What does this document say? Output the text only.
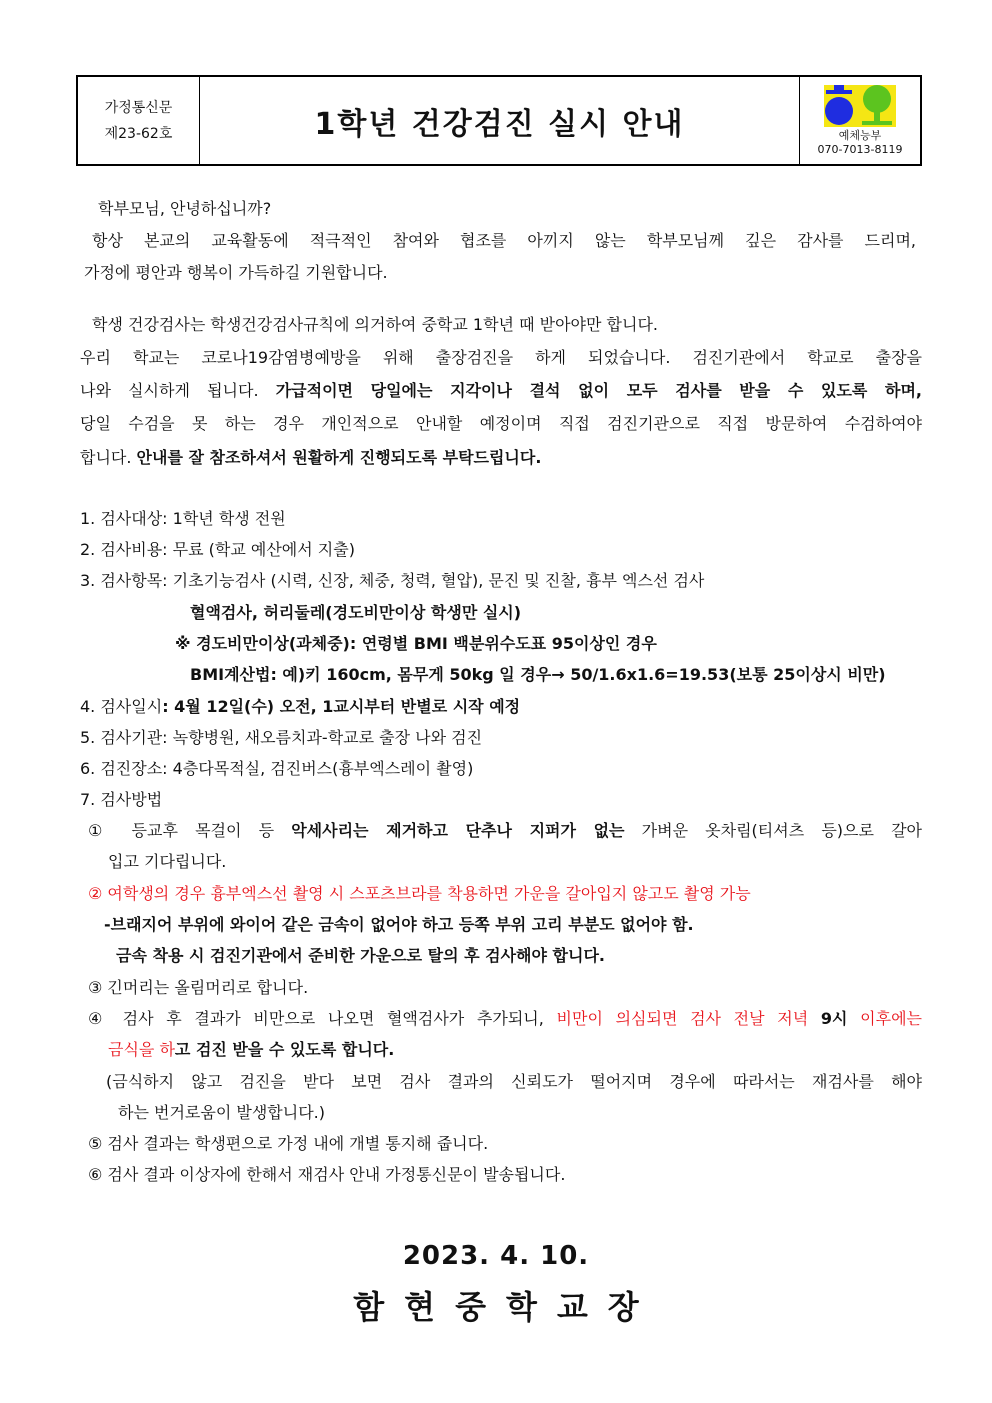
가정통신문
제23-62호	1학년 건강검진 실시 안내	예체능부
070-7013-8119
학부모님, 안녕하십니까?
항상 본교의 교육활동에 적극적인 참여와 협조를 아끼지 않는 학부모님께 깊은 감사를 드리며,
가정에 평안과 행복이 가득하길 기원합니다.
학생 건강검사는 학생건강검사규칙에 의거하여 중학교 1학년 때 받아야만 합니다.
우리 학교는 코로나19감염병예방을 위해 출장검진을 하게 되었습니다. 검진기관에서 학교로 출장을
나와 실시하게 됩니다. 가급적이면 당일에는 지각이나 결석 없이 모두 검사를 받을 수 있도록 하며,
당일 수검을 못 하는 경우 개인적으로 안내할 예정이며 직접 검진기관으로 직접 방문하여 수검하여야
합니다. 안내를 잘 참조하셔서 원활하게 진행되도록 부탁드립니다.
1. 검사대상: 1학년 학생 전원
2. 검사비용: 무료 (학교 예산에서 지출)
3. 검사항목: 기초기능검사 (시력, 신장, 체중, 청력, 혈압), 문진 및 진찰, 흉부 엑스선 검사
혈액검사, 허리둘레(경도비만이상 학생만 실시)
※ 경도비만이상(과체중): 연령별 BMI 백분위수도표 95이상인 경우
BMI계산법: 예)키 160cm, 몸무게 50kg 일 경우→ 50/1.6x1.6=19.53(보통 25이상시 비만)
4. 검사일시: 4월 12일(수) 오전, 1교시부터 반별로 시작 예정
5. 검사기관: 녹향병원, 새오름치과-학교로 출장 나와 검진
6. 검진장소: 4층다목적실, 검진버스(흉부엑스레이 촬영)
7. 검사방법
① 등교후 목걸이 등 악세사리는 제거하고 단추나 지퍼가 없는 가벼운 옷차림(티셔츠 등)으로 갈아
입고 기다립니다.
② 여학생의 경우 흉부엑스선 촬영 시 스포츠브라를 착용하면 가운을 갈아입지 않고도 촬영 가능
-브래지어 부위에 와이어 같은 금속이 없어야 하고 등쪽 부위 고리 부분도 없어야 함.
금속 착용 시 검진기관에서 준비한 가운으로 탈의 후 검사해야 합니다.
③ 긴머리는 올림머리로 합니다.
④ 검사 후 결과가 비만으로 나오면 혈액검사가 추가되니, 비만이 의심되면 검사 전날 저녁 9시 이후에는
금식을 하고 검진 받을 수 있도록 합니다.
(금식하지 않고 검진을 받다 보면 검사 결과의 신뢰도가 떨어지며 경우에 따라서는 재검사를 해야
하는 번거로움이 발생합니다.)
⑤ 검사 결과는 학생편으로 가정 내에 개별 통지해 줍니다.
⑥ 검사 결과 이상자에 한해서 재검사 안내 가정통신문이 발송됩니다.
2023. 4. 10.
함현중학교장
